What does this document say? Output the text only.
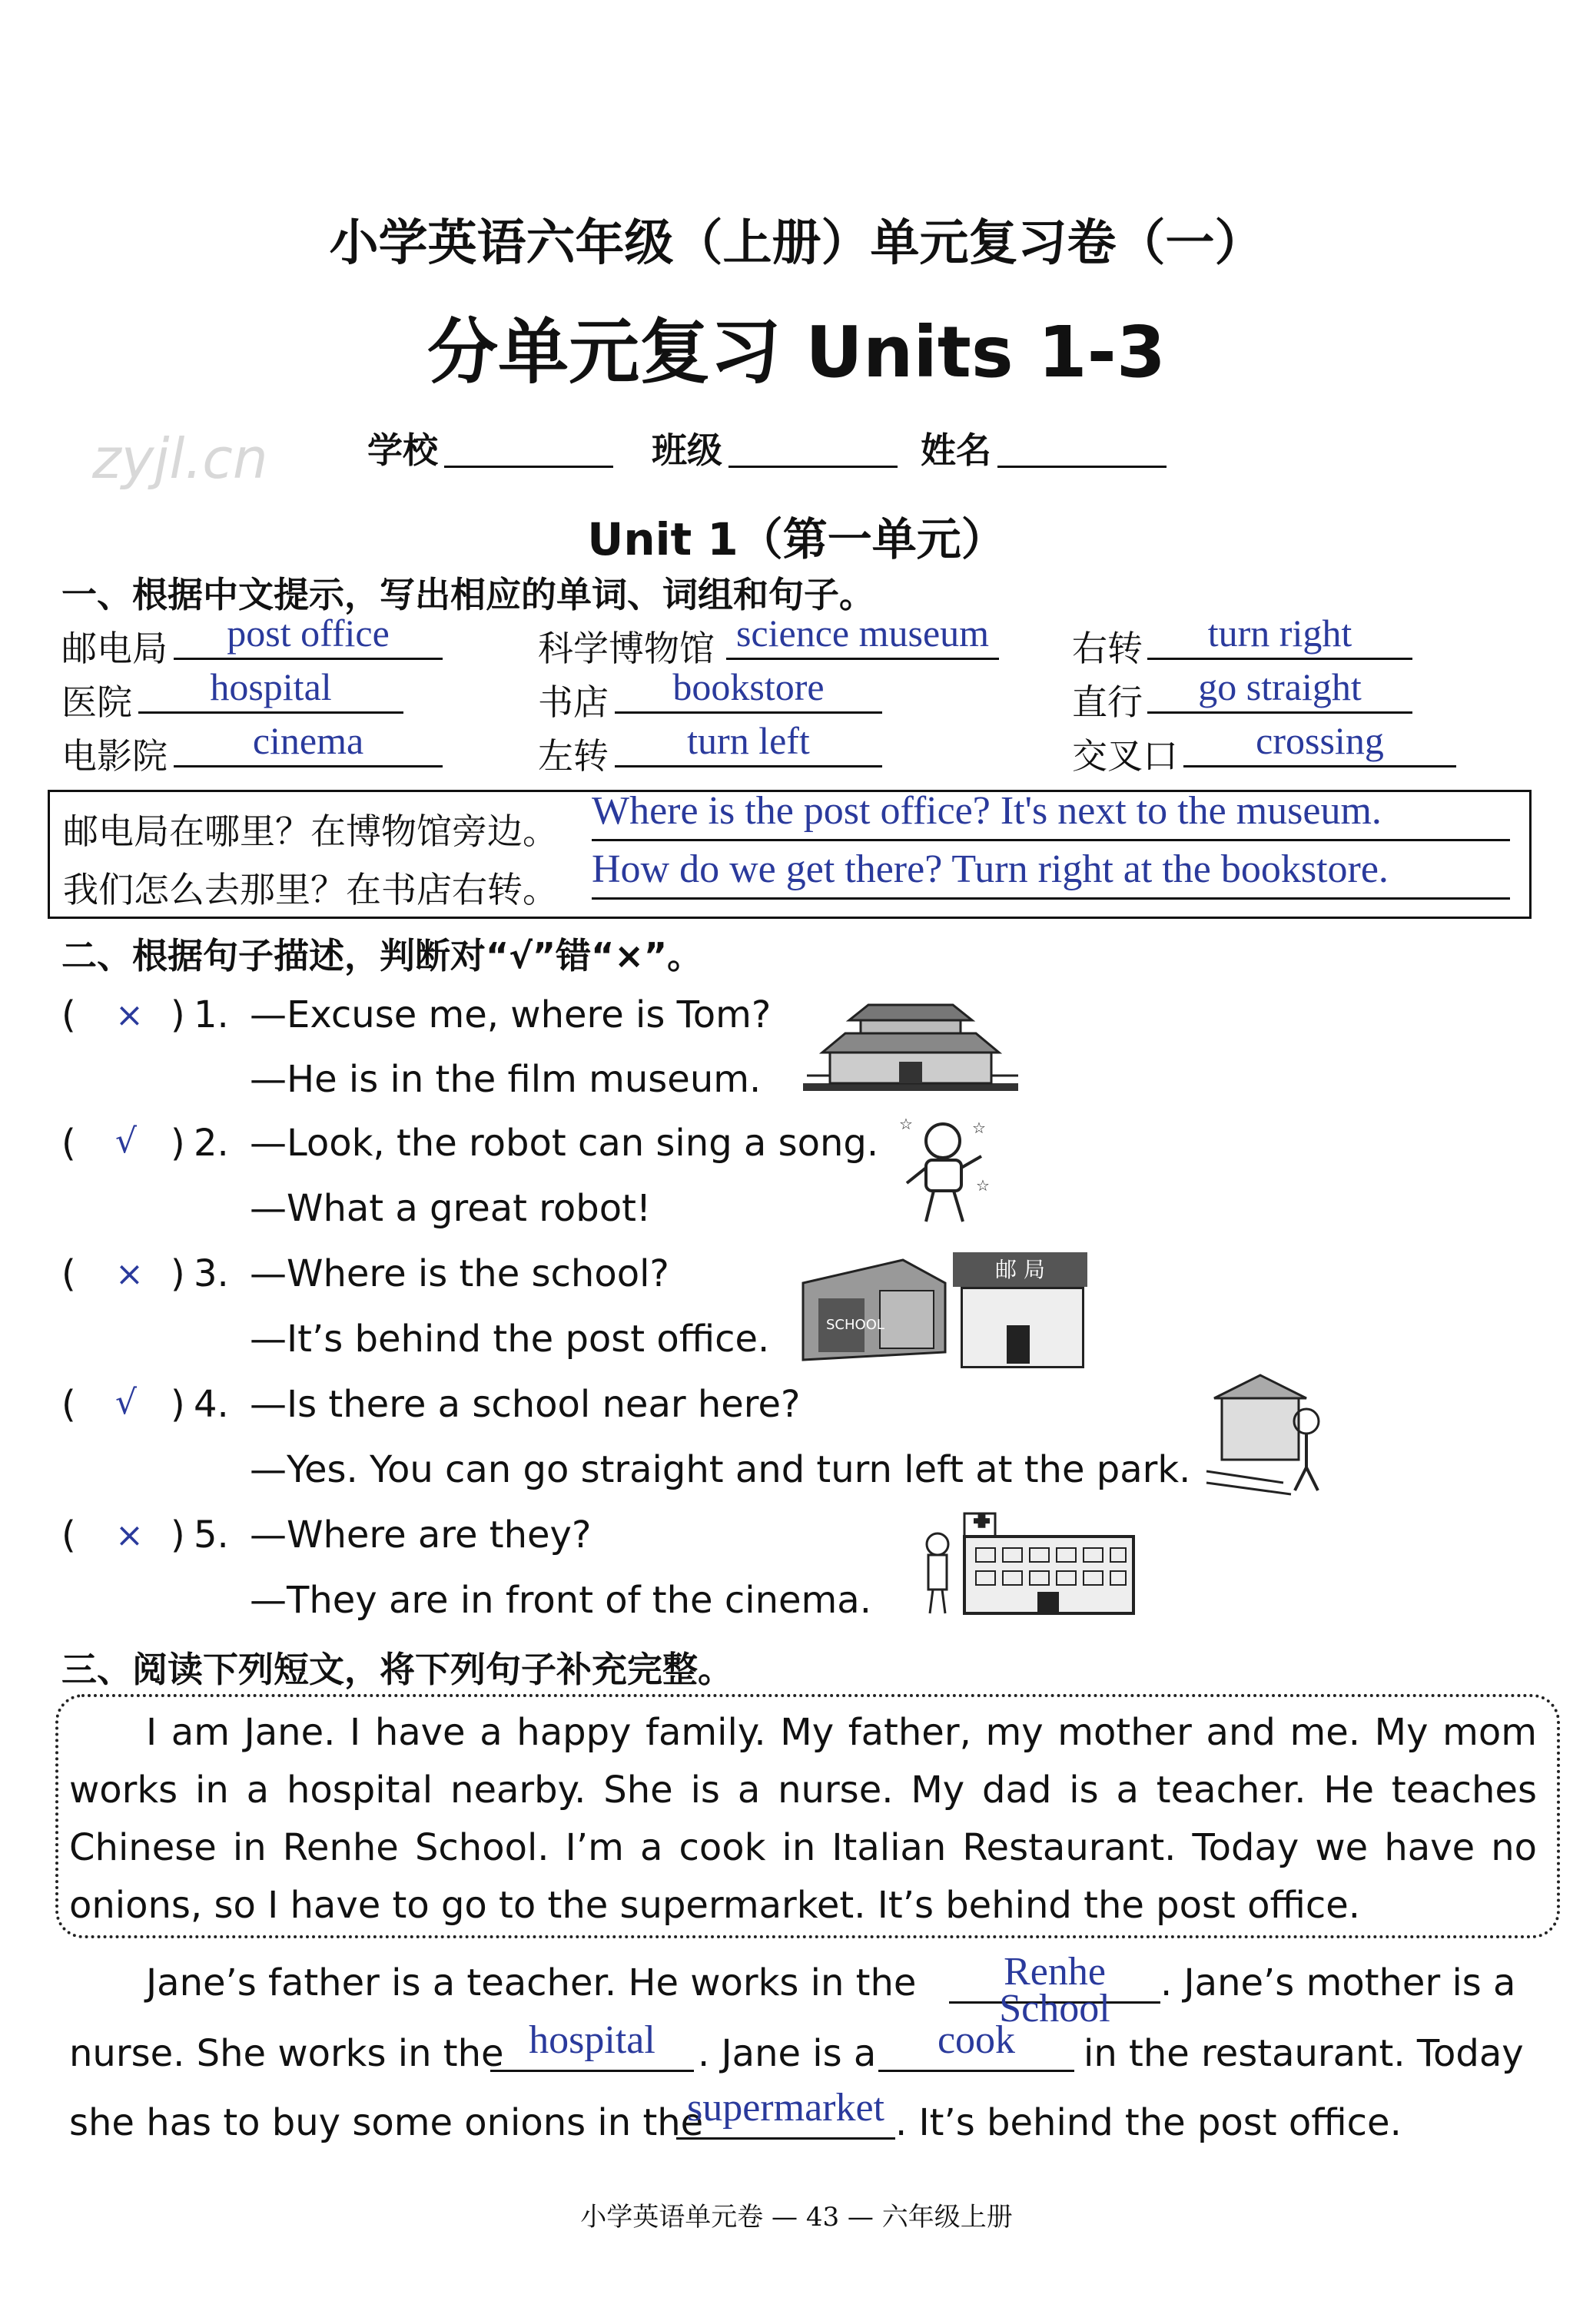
小学英语六年级（上册）单元复习卷（一）
分单元复习 Units 1-3
zyjl.cn	学校	班级	姓名
Unit 1（第一单元）
一、根据中文提示，写出相应的单词、词组和句子。
邮电局	post office	科学博物馆 science museum 右转	turn right
医院	hospital	书店	bookstore	直行	go straight
电影院	cinema	左转	turn left	交叉口	crossing
邮电局在哪里？在博物馆旁边。 Where is the post office? It's next to the museum.
我们怎么去那里？在书店右转。 How do we get there? Turn right at the bookstore.
二、根据句子描述，判断对“√”错“×”。
( × ) 1. —Excuse me, where is Tom?
—He is in the film museum.
( √ ) 2. —Look, the robot can sing a song.
—What a great robot!
☆	☆
☆
( × ) 3. —Where is the school?
—It’s behind the post office.	SCHOOL
邮 局
( √ ) 4. —Is there a school near here?
—Yes. You can go straight and turn left at the park.
( × ) 5. —Where are they?
—They are in front of the cinema.
三、阅读下列短文，将下列句子补充完整。
I am Jane. I have a happy family. My father, my mother and me. My mom works in a hospital nearby. She is a nurse. My dad is a teacher. He teaches Chinese in Renhe School. I’m a cook in Italian Restaurant. Today we have no onions, so I have to go to the supermarket. It’s behind the post office.
Jane’s father is a teacher. He works in the	Renhe School
. Jane’s mother is a
nurse. She works in the hospital	. Jane is a	cook	in the restaurant. Today
she has to buy some onions in the
supermarket . It’s behind the post office.
小学英语单元卷 — 43 — 六年级上册
